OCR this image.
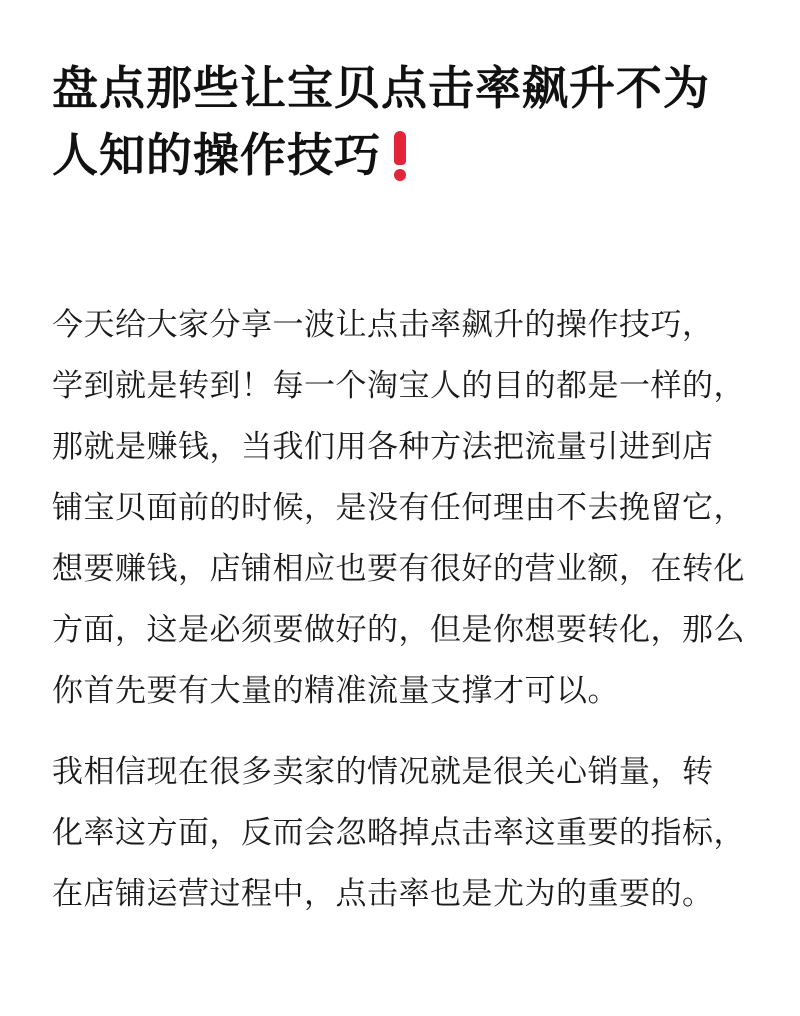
盘点那些让宝贝点击率飙升不为
人知的操作技巧
今天给大家分享一波让点击率飙升的操作技巧，
学到就是转到！每一个淘宝人的目的都是一样的，
那就是赚钱，当我们用各种方法把流量引进到店
铺宝贝面前的时候，是没有任何理由不去挽留它，
想要赚钱，店铺相应也要有很好的营业额，在转化
方面，这是必须要做好的，但是你想要转化，那么
你首先要有大量的精准流量支撑才可以。
我相信现在很多卖家的情况就是很关心销量，转
化率这方面，反而会忽略掉点击率这重要的指标，
在店铺运营过程中，点击率也是尤为的重要的。
